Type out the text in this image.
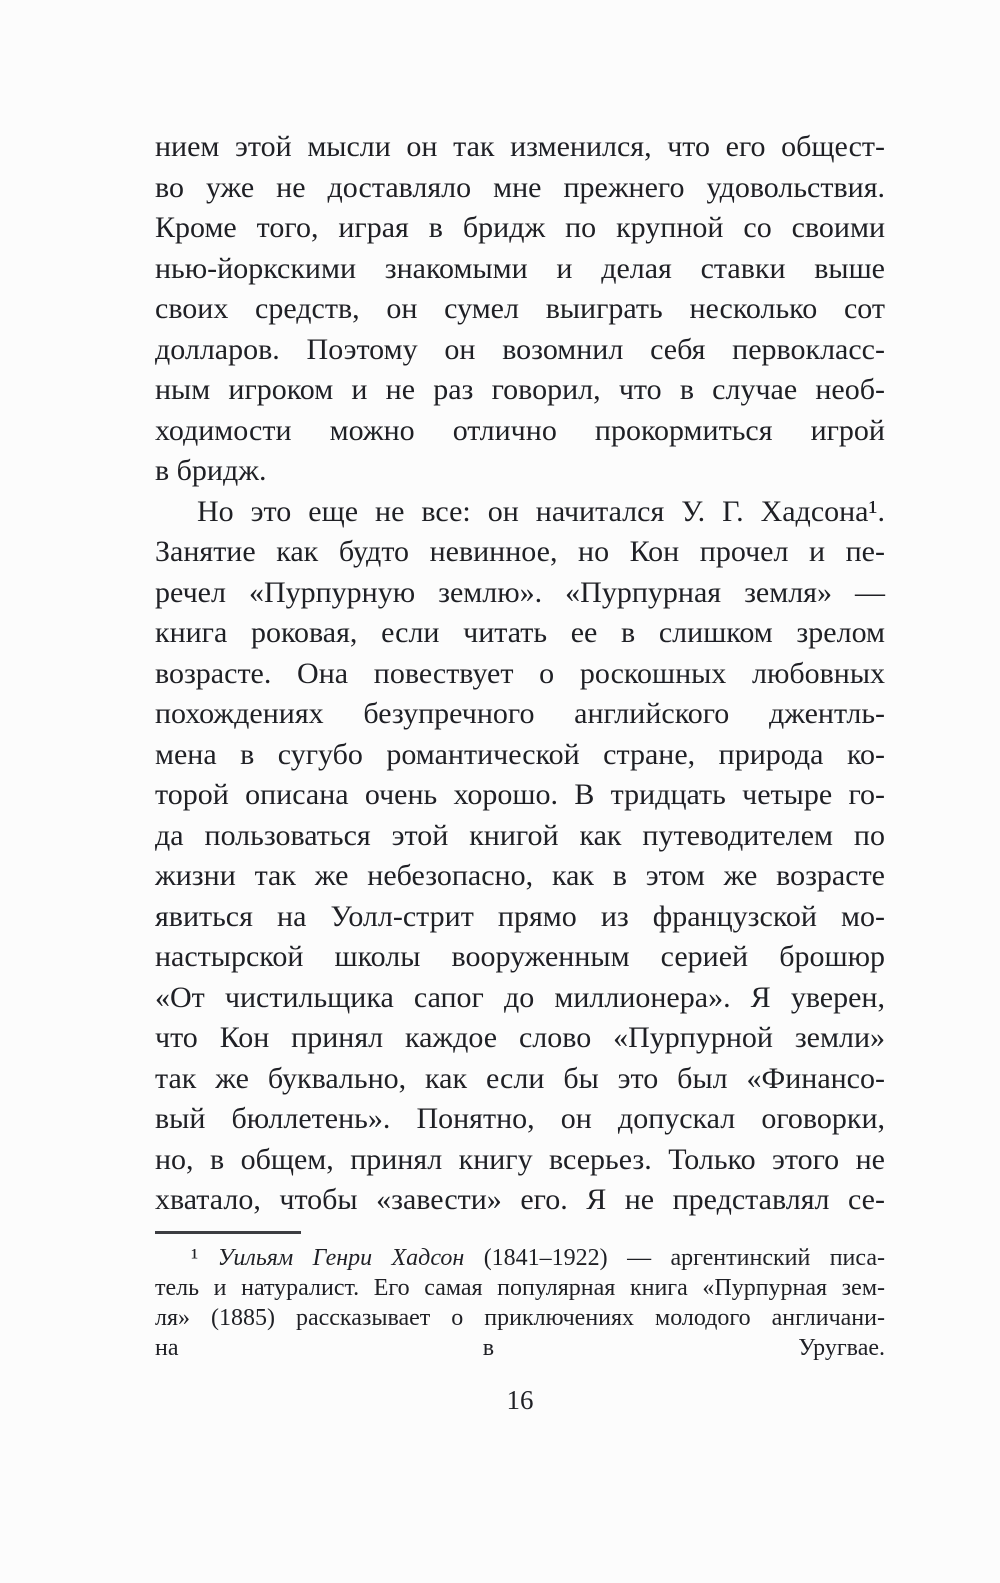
нием этой мысли он так изменился, что его общест-
во уже не доставляло мне прежнего удовольствия.
Кроме того, играя в бридж по крупной со своими
нью-йоркскими знакомыми и делая ставки выше
своих средств, он сумел выиграть несколько сот
долларов. Поэтому он возомнил себя первокласс-
ным игроком и не раз говорил, что в случае необ-
ходимости можно отлично прокормиться игрой
в бридж.
Но это еще не все: он начитался У. Г. Хадсона¹.
Занятие как будто невинное, но Кон прочел и пе-
речел «Пурпурную землю». «Пурпурная земля» —
книга роковая, если читать ее в слишком зрелом
возрасте. Она повествует о роскошных любовных
похождениях безупречного английского джентль-
мена в сугубо романтической стране, природа ко-
торой описана очень хорошо. В тридцать четыре го-
да пользоваться этой книгой как путеводителем по
жизни так же небезопасно, как в этом же возрасте
явиться на Уолл-стрит прямо из французской мо-
настырской школы вооруженным серией брошюр
«От чистильщика сапог до миллионера». Я уверен,
что Кон принял каждое слово «Пурпурной земли»
так же буквально, как если бы это был «Финансо-
вый бюллетень». Понятно, он допускал оговорки,
но, в общем, принял книгу всерьез. Только этого не
хватало, чтобы «завести» его. Я не представлял се-
¹ Уильям Генри Хадсон (1841–1922) — аргентинский писа-
тель и натуралист. Его самая популярная книга «Пурпурная зем-
ля» (1885) рассказывает о приключениях молодого англичани-
на в Уругвае.
16
